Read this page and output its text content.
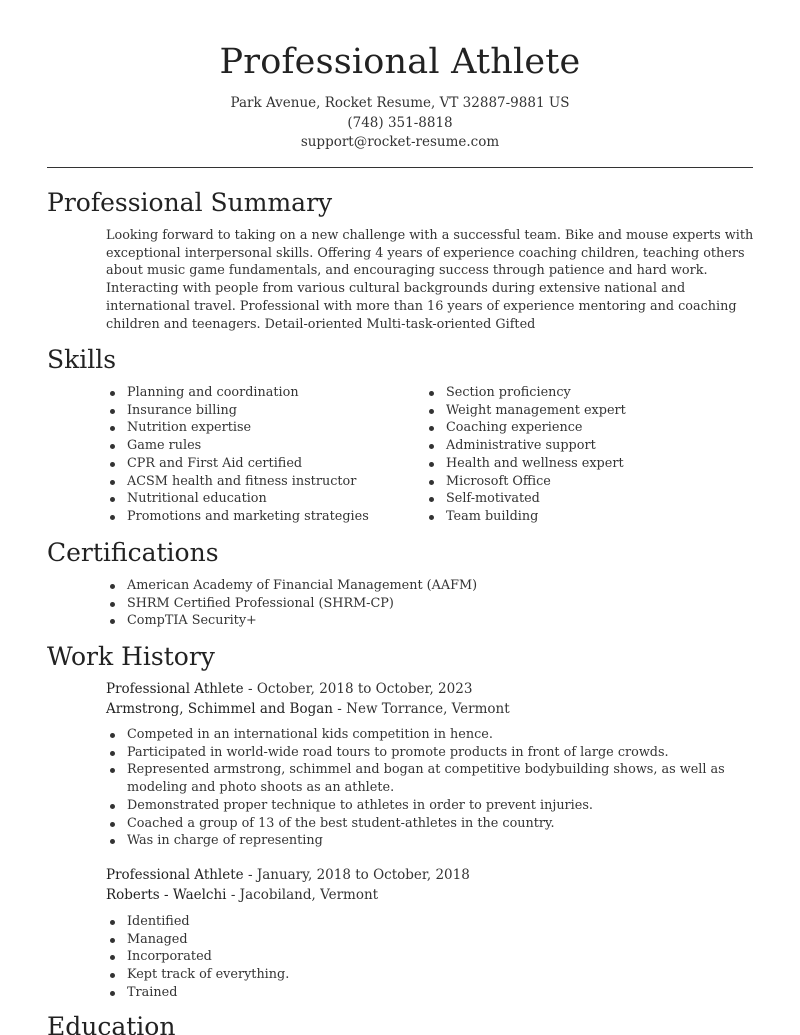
Professional Athlete
Park Avenue, Rocket Resume, VT 32887-9881 US
(748) 351-8818
support@rocket-resume.com
Professional Summary

Looking forward to taking on a new challenge with a successful team. Bike and mouse experts with exceptional interpersonal skills. Offering 4 years of experience coaching children, teaching others about music game fundamentals, and encouraging success through patience and hard work. Interacting with people from various cultural backgrounds during extensive national and international travel. Professional with more than 16 years of experience mentoring and coaching children and teenagers. Detail-oriented Multi-task-oriented Gifted

Skills
Planning and coordination
Insurance billing
Nutrition expertise
Game rules
CPR and First Aid certified
ACSM health and fitness instructor
Nutritional education
Promotions and marketing strategies
Section proficiency
Weight management expert
Coaching experience
Administrative support
Health and wellness expert
Microsoft Office
Self-motivated
Team building
Certifications
American Academy of Financial Management (AAFM)
SHRM Certified Professional (SHRM-CP)
CompTIA Security+
Work History
Professional Athlete - October, 2018 to October, 2023
Armstrong, Schimmel and Bogan - New Torrance, Vermont
Competed in an international kids competition in hence.
Participated in world-wide road tours to promote products in front of large crowds.
Represented armstrong, schimmel and bogan at competitive bodybuilding shows, as well as modeling and photo shoots as an athlete.
Demonstrated proper technique to athletes in order to prevent injuries.
Coached a group of 13 of the best student-athletes in the country.
Was in charge of representing
Professional Athlete - January, 2018 to October, 2018
Roberts - Waelchi - Jacobiland, Vermont
Identified
Managed
Incorporated
Kept track of everything.
Trained
Education
